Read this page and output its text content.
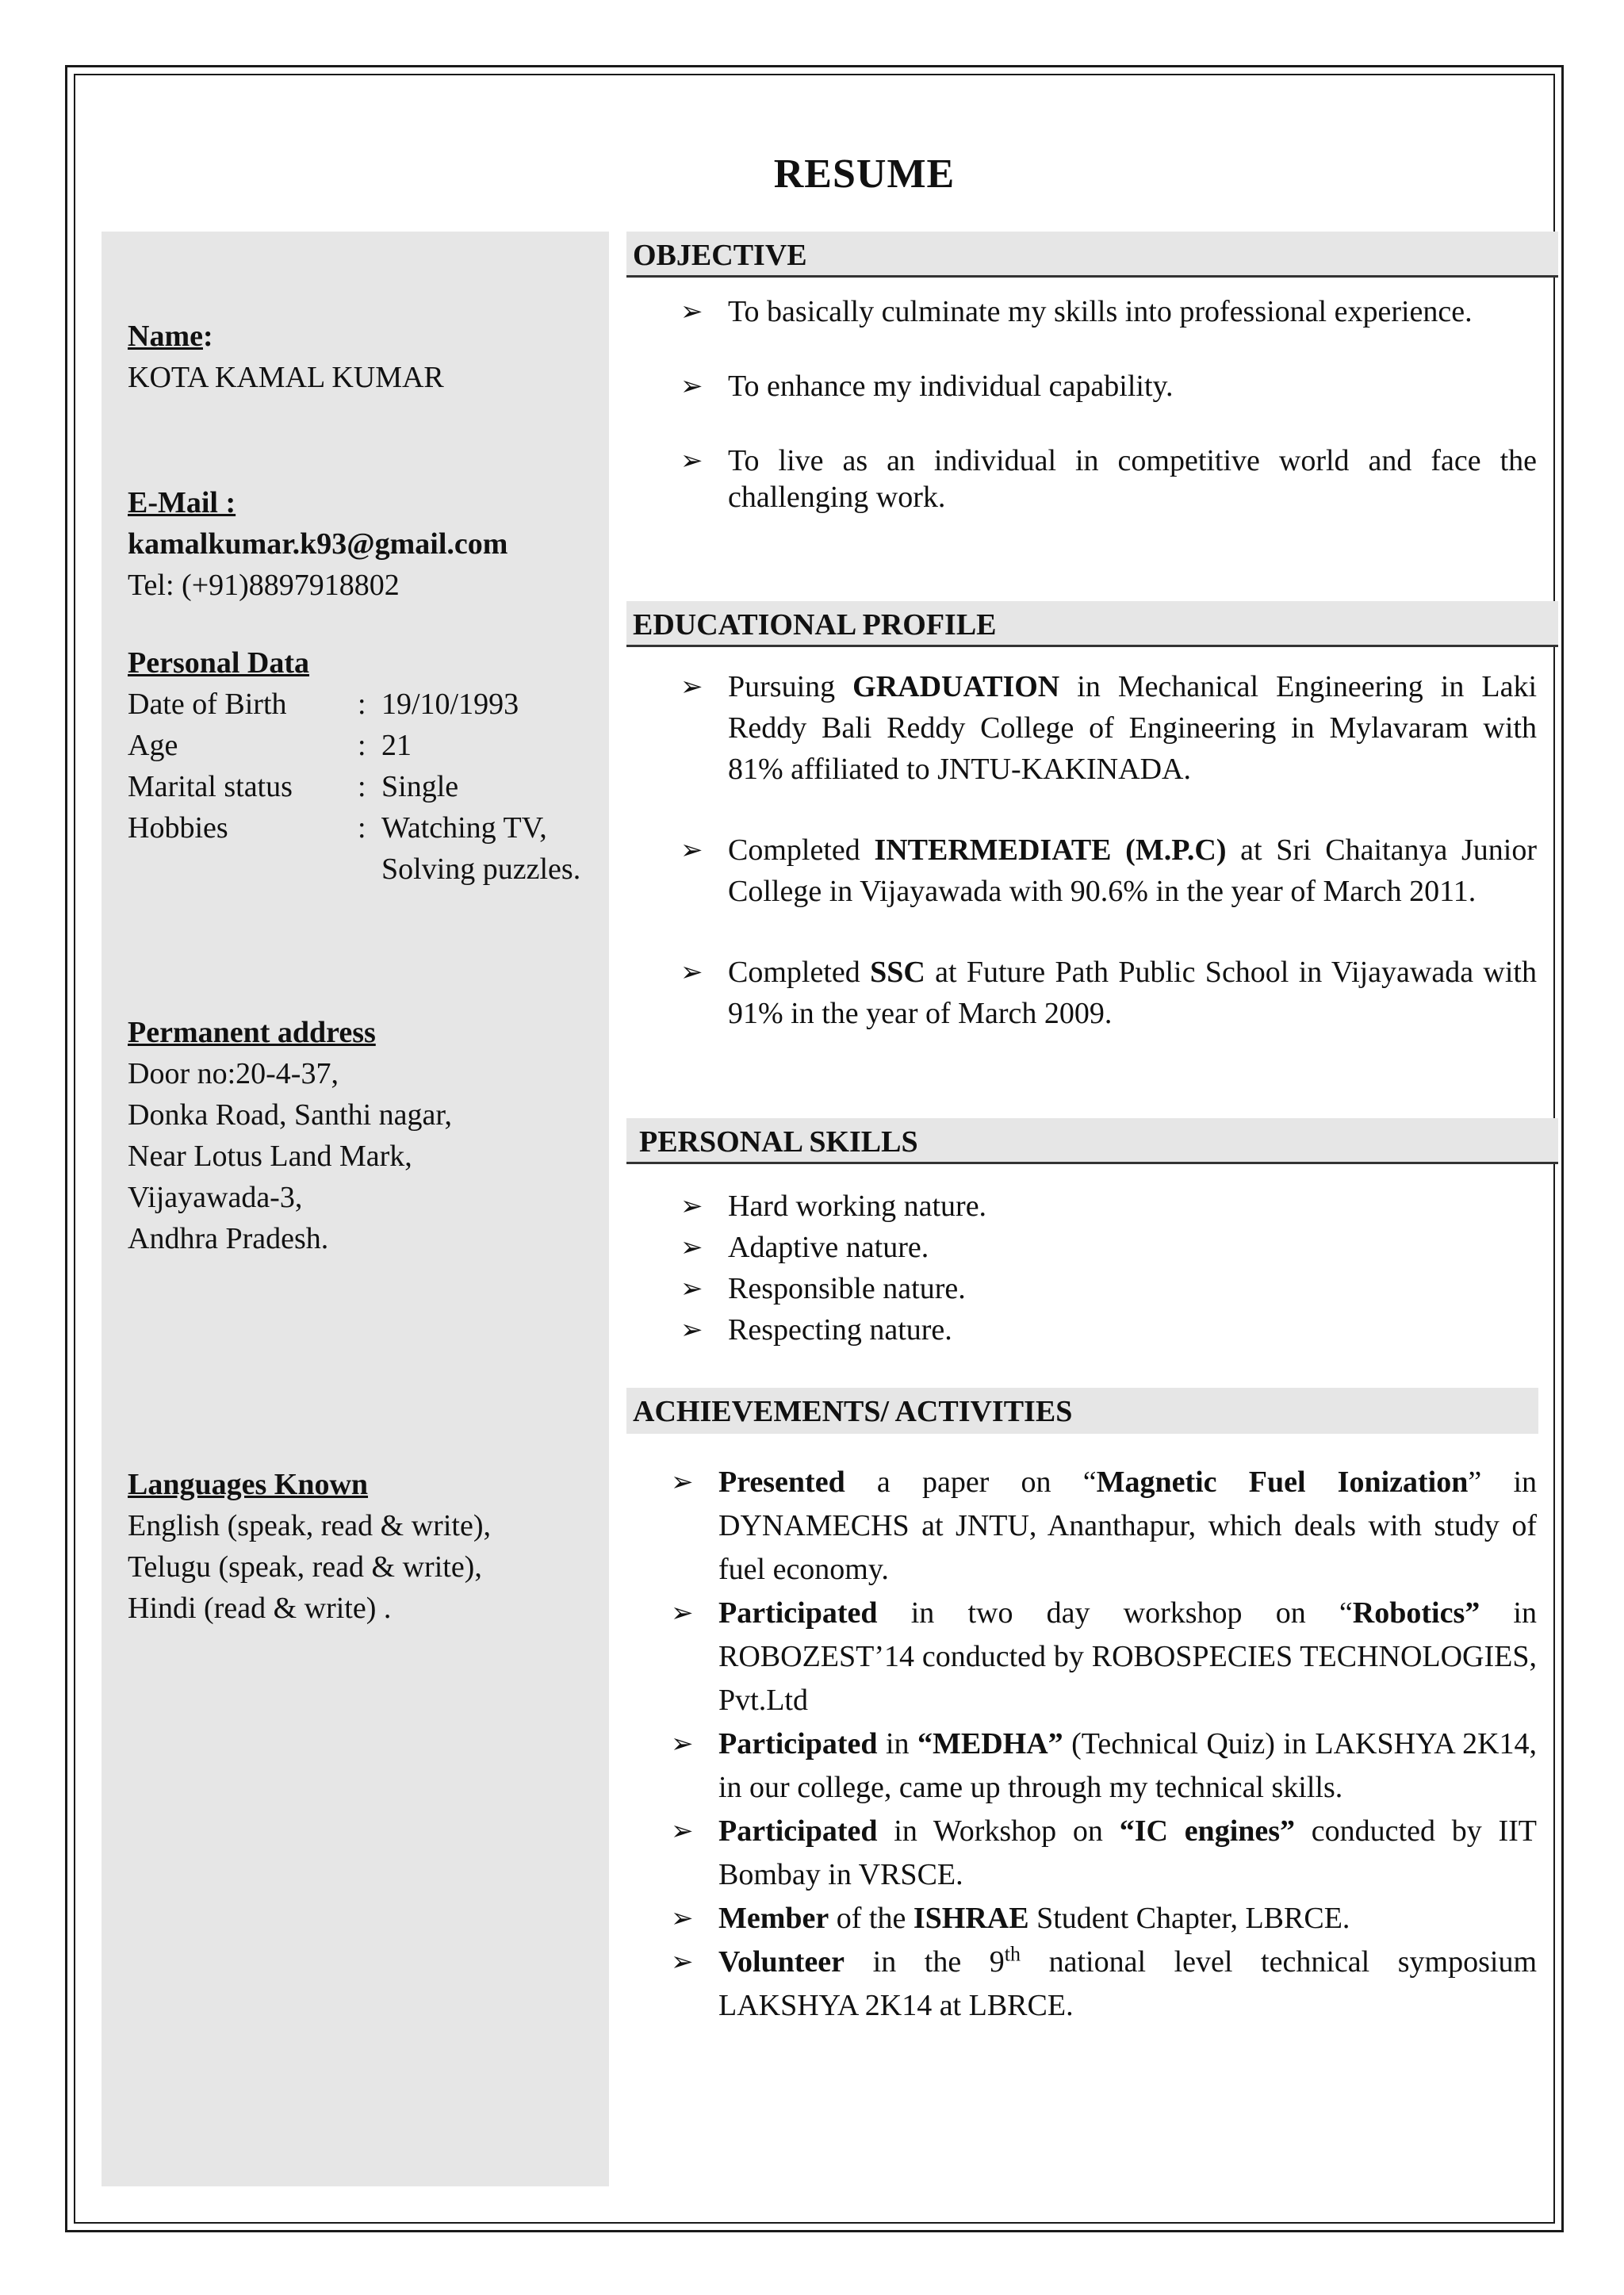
RESUME
Name:
KOTA KAMAL KUMAR
E-Mail :
kamalkumar.k93@gmail.com
Tel: (+91)8897918802
Personal Data
Date of Birth	: 19/10/1993
Age	: 21
Marital status	: Single
Hobbies	: Watching TV,
Solving puzzles.
Permanent address
Door no:20-4-37,
Donka Road, Santhi nagar,
Near Lotus Land Mark,
Vijayawada-3,
Andhra Pradesh.
Languages Known
English (speak, read & write),
Telugu (speak, read & write),
Hindi (read & write) .
OBJECTIVE
➢ To basically culminate my skills into professional experience.
➢ To enhance my individual capability.
➢ To live as an individual in competitive world and face the challenging work.
EDUCATIONAL PROFILE
➢ Pursuing GRADUATION in Mechanical Engineering in Laki Reddy Bali Reddy College of Engineering in Mylavaram with 81% affiliated to JNTU-KAKINADA.
➢ Completed INTERMEDIATE (M.P.C) at Sri Chaitanya Junior College in Vijayawada with 90.6% in the year of March 2011.
➢ Completed SSC at Future Path Public School in Vijayawada with 91% in the year of March 2009.
PERSONAL SKILLS
➢ Hard working nature.
➢ Adaptive nature.
➢ Responsible nature.
➢ Respecting nature.
ACHIEVEMENTS/ ACTIVITIES
➢ Presented a paper on “Magnetic Fuel Ionization” in DYNAMECHS at JNTU, Ananthapur, which deals with study of fuel economy.
➢ Participated in two day workshop on “Robotics” in ROBOZEST’14 conducted by ROBOSPECIES TECHNOLOGIES, Pvt.Ltd
➢ Participated in “MEDHA” (Technical Quiz) in LAKSHYA 2K14, in our college, came up through my technical skills.
➢ Participated in Workshop on “IC engines” conducted by IIT Bombay in VRSCE.
➢ Member of the ISHRAE Student Chapter, LBRCE.
➢ Volunteer in the 9th national level technical symposium LAKSHYA 2K14 at LBRCE.
